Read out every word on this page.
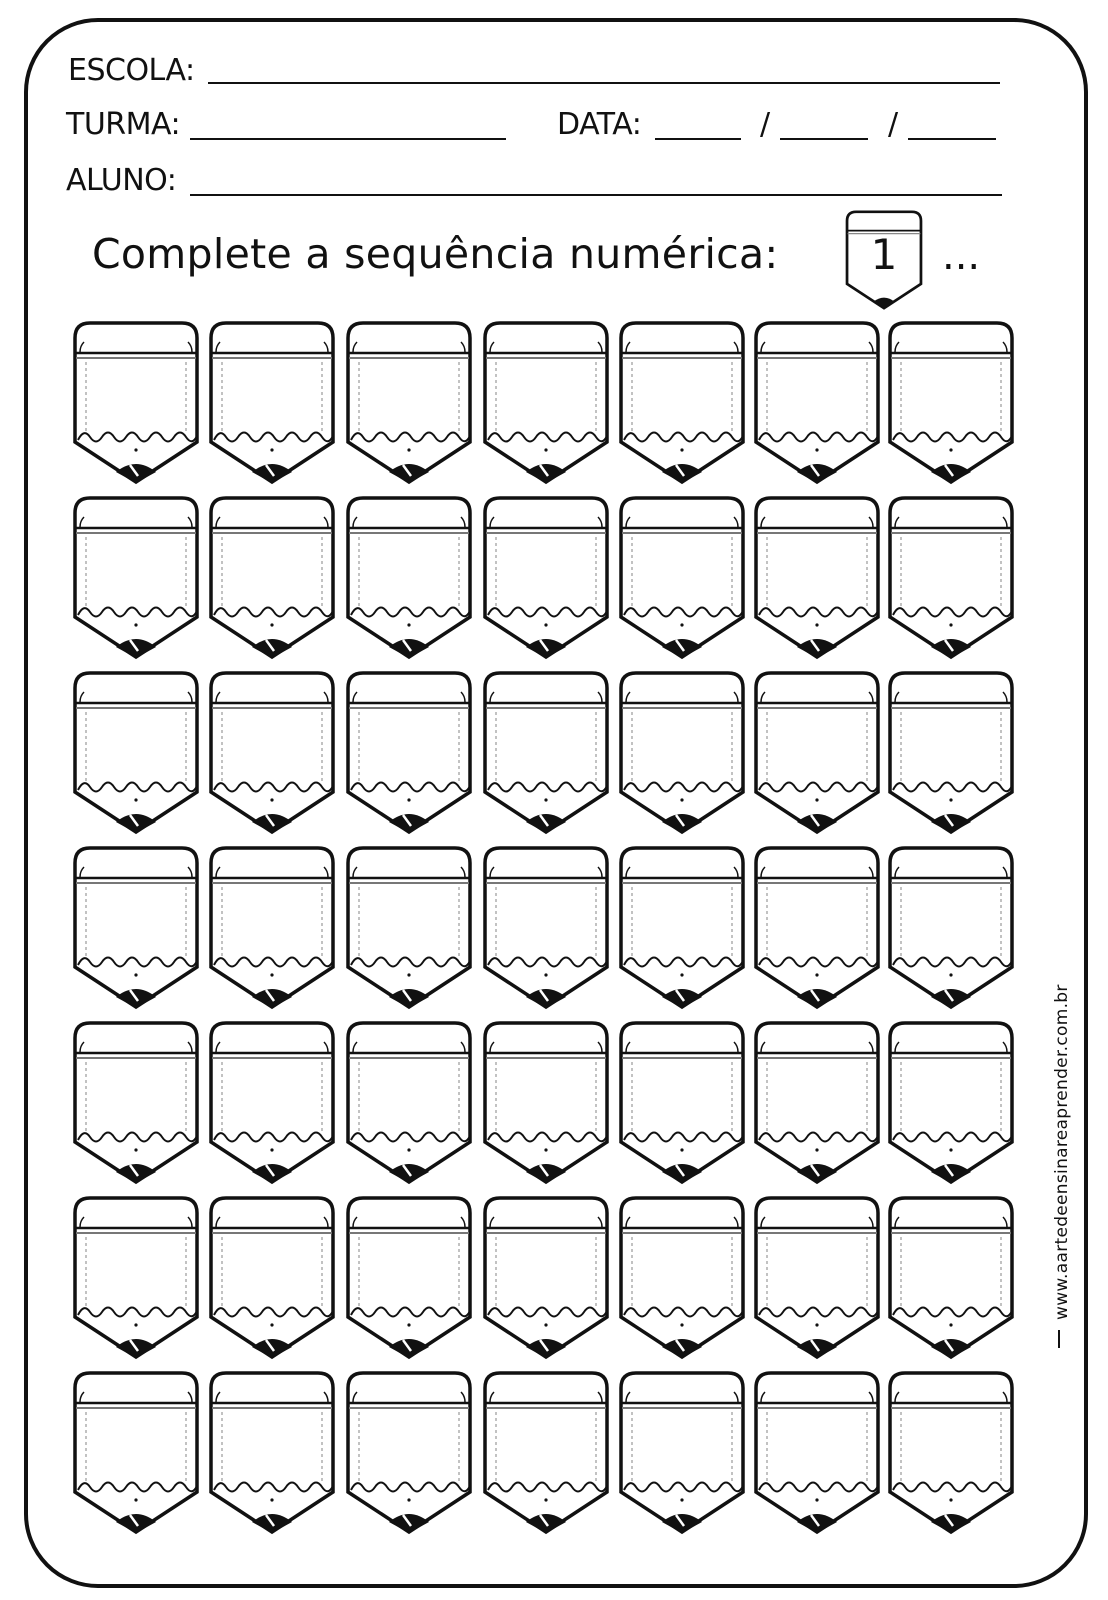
ESCOLA:
TURMA:	DATA:	/	/
ALUNO:
Complete a sequência numérica:	1	...
www.aartedeensinareaprender.com.br
